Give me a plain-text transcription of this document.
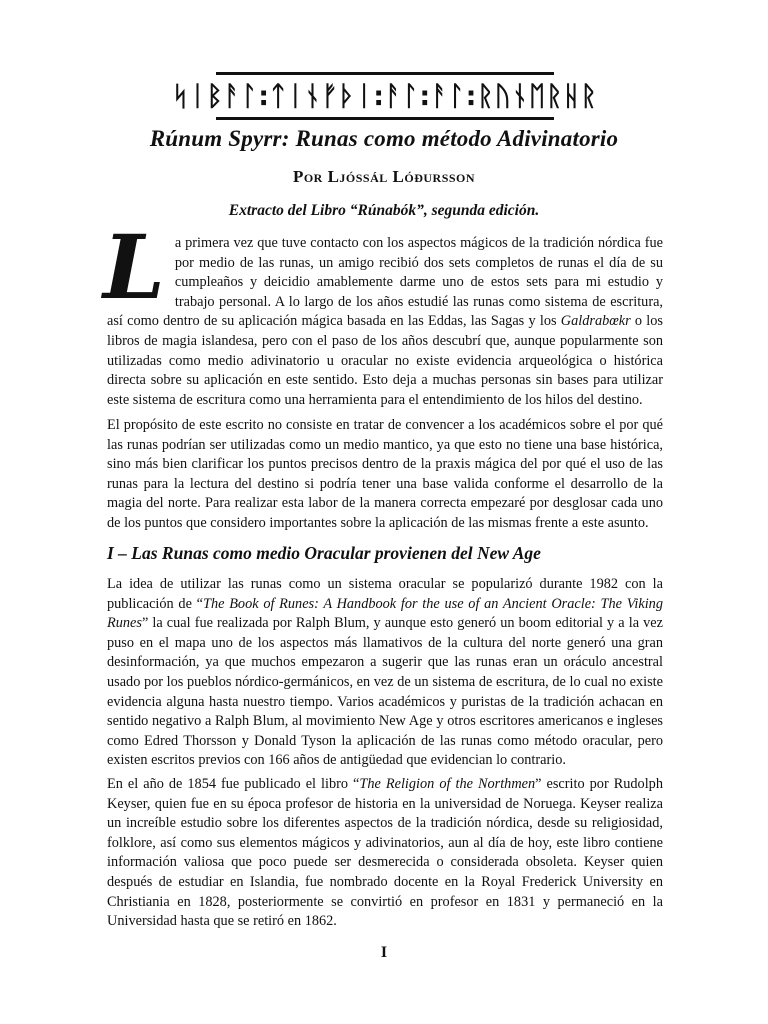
ᛋᛁᛒᚨᛚ:ᛏᛁᚾᚠᚦᛁ:ᚨᛚ:ᚨᛚ:ᚱᚢᚾᛖᚱᚺᚱ
Rúnum Spyrr: Runas como método Adivinatorio
Por Ljóssál Lóðursson
Extracto del Libro “Rúnabók”, segunda edición.

La primera vez que tuve contacto con los aspectos mágicos de la tradición nórdica fue por medio de las runas, un amigo recibió dos sets completos de runas el día de su cumpleaños y deicidio amablemente darme uno de estos sets para mi estudio y trabajo personal. A lo largo de los años estudié las runas como sistema de escritura, así como dentro de su aplicación mágica basada en las Eddas, las Sagas y los Galdrabœkr o los libros de magia islandesa, pero con el paso de los años descubrí que, aunque popularmente son utilizadas como medio adivinatorio u oracular no existe evidencia arqueológica o histórica directa sobre su aplicación en este sentido. Esto deja a muchas personas sin bases para utilizar este sistema de escritura como una herramienta para el entendimiento de los hilos del destino.

El propósito de este escrito no consiste en tratar de convencer a los académicos sobre el por qué las runas podrían ser utilizadas como un medio mantico, ya que esto no tiene una base histórica, sino más bien clarificar los puntos precisos dentro de la praxis mágica del por qué el uso de las runas para la lectura del destino si podría tener una base valida conforme el desarrollo de la magia del norte. Para realizar esta labor de la manera correcta empezaré por desglosar cada uno de los puntos que considero importantes sobre la aplicación de las mismas frente a este asunto.

I – Las Runas como medio Oracular provienen del New Age

La idea de utilizar las runas como un sistema oracular se popularizó durante 1982 con la publicación de “The Book of Runes: A Handbook for the use of an Ancient Oracle: The Viking Runes” la cual fue realizada por Ralph Blum, y aunque esto generó un boom editorial y a la vez puso en el mapa uno de los aspectos más llamativos de la cultura del norte generó una gran desinformación, ya que muchos empezaron a sugerir que las runas eran un oráculo ancestral usado por los pueblos nórdico-germánicos, en vez de un sistema de escritura, de lo cual no existe evidencia alguna hasta nuestro tiempo. Varios académicos y puristas de la tradición achacan en sentido negativo a Ralph Blum, al movimiento New Age y otros escritores americanos e ingleses como Edred Thorsson y Donald Tyson la aplicación de las runas como método oracular, pero existen escritos previos con 166 años de antigüedad que evidencian lo contrario.

En el año de 1854 fue publicado el libro “The Religion of the Northmen” escrito por Rudolph Keyser, quien fue en su época profesor de historia en la universidad de Noruega. Keyser realiza un increíble estudio sobre los diferentes aspectos de la tradición nórdica, desde su religiosidad, folklore, así como sus elementos mágicos y adivinatorios, aun al día de hoy, este libro contiene información valiosa que poco puede ser desmerecida o considerada obsoleta. Keyser quien después de estudiar en Islandia, fue nombrado docente en la Royal Frederick University en Christiania en 1828, posteriormente se convirtió en profesor en 1831 y permaneció en la Universidad hasta que se retiró en 1862.

I
